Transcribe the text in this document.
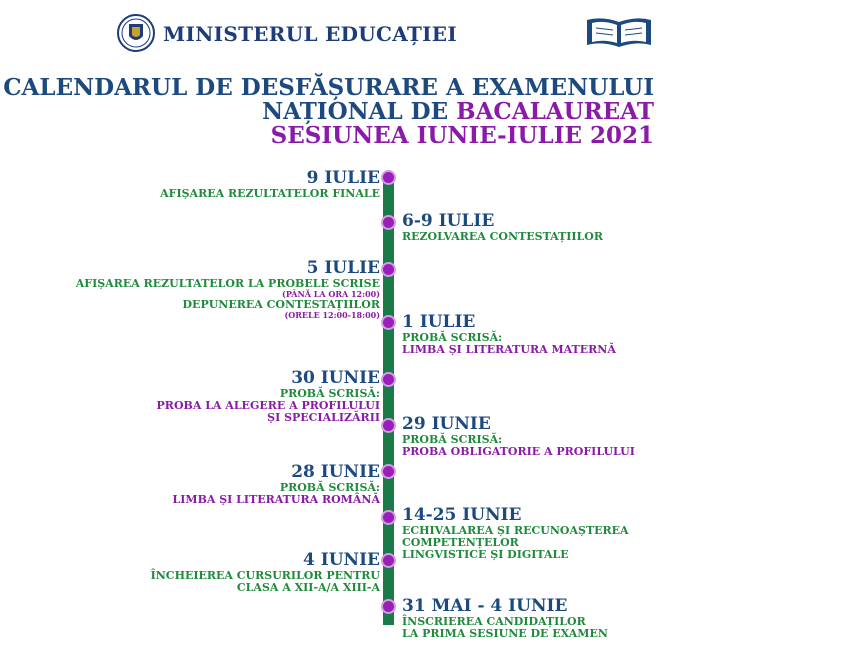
MINISTERUL EDUCAȚIEI
CALENDARUL DE DESFĂȘURARE A EXAMENULUI
NAȚIONAL DE BACALAUREAT
SESIUNEA IUNIE-IULIE 2021
9 IULIE
AFIȘAREA REZULTATELOR FINALE
6-9 IULIE
REZOLVAREA CONTESTAȚIILOR
5 IULIE
AFIȘAREA REZULTATELOR LA PROBELE SCRISE
(PÂNĂ LA ORA 12:00)
DEPUNEREA CONTESTAȚIILOR
(ORELE 12:00-18:00) 1 IULIE
PROBĂ SCRISĂ:
LIMBA ȘI LITERATURA MATERNĂ
30 IUNIE
PROBĂ SCRISĂ:
PROBA LA ALEGERE A PROFILULUI
ȘI SPECIALIZĂRII 29 IUNIE
PROBĂ SCRISĂ:
PROBA OBLIGATORIE A PROFILULUI
28 IUNIE
PROBĂ SCRISĂ:
LIMBA ȘI LITERATURA ROMÂNĂ
14-25 IUNIE
ECHIVALAREA ȘI RECUNOAȘTEREA
COMPETENȚELOR
LINGVISTICE ȘI DIGITALE
4 IUNIE
ÎNCHEIEREA CURSURILOR PENTRU
CLASA A XII-A/A XIII-A
31 MAI - 4 IUNIE
ÎNSCRIEREA CANDIDAȚILOR
LA PRIMA SESIUNE DE EXAMEN
